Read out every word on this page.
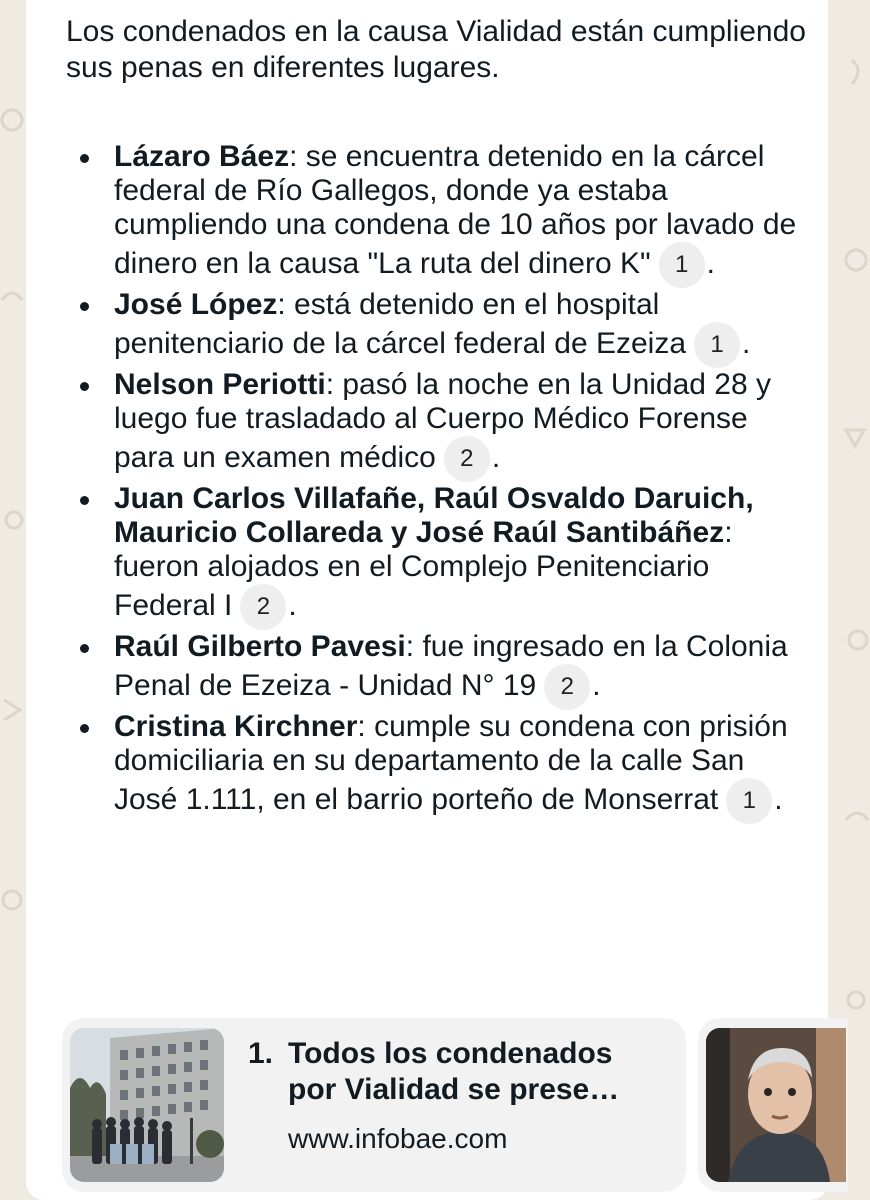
Los condenados en la causa Vialidad están cumpliendo sus penas en diferentes lugares.

Lázaro Báez: se encuentra detenido en la cárcel federal de Río Gallegos, donde ya estaba cumpliendo una condena de 10 años por lavado de dinero en la causa "La ruta del dinero K" 1 .
José López: está detenido en el hospital penitenciario de la cárcel federal de Ezeiza 1 .
Nelson Periotti: pasó la noche en la Unidad 28 y luego fue trasladado al Cuerpo Médico Forense para un examen médico 2 .
Juan Carlos Villafañe, Raúl Osvaldo Daruich, Mauricio Collareda y José Raúl Santibáñez: fueron alojados en el Complejo Penitenciario Federal I 2 .
Raúl Gilberto Pavesi: fue ingresado en la Colonia Penal de Ezeiza - Unidad N° 19 2 .
Cristina Kirchner: cumple su condena con prisión domiciliaria en su departamento de la calle San José 1.111, en el barrio porteño de Monserrat 1 .
1. Todos los condenados por Vialidad se prese…
www.infobae.com
